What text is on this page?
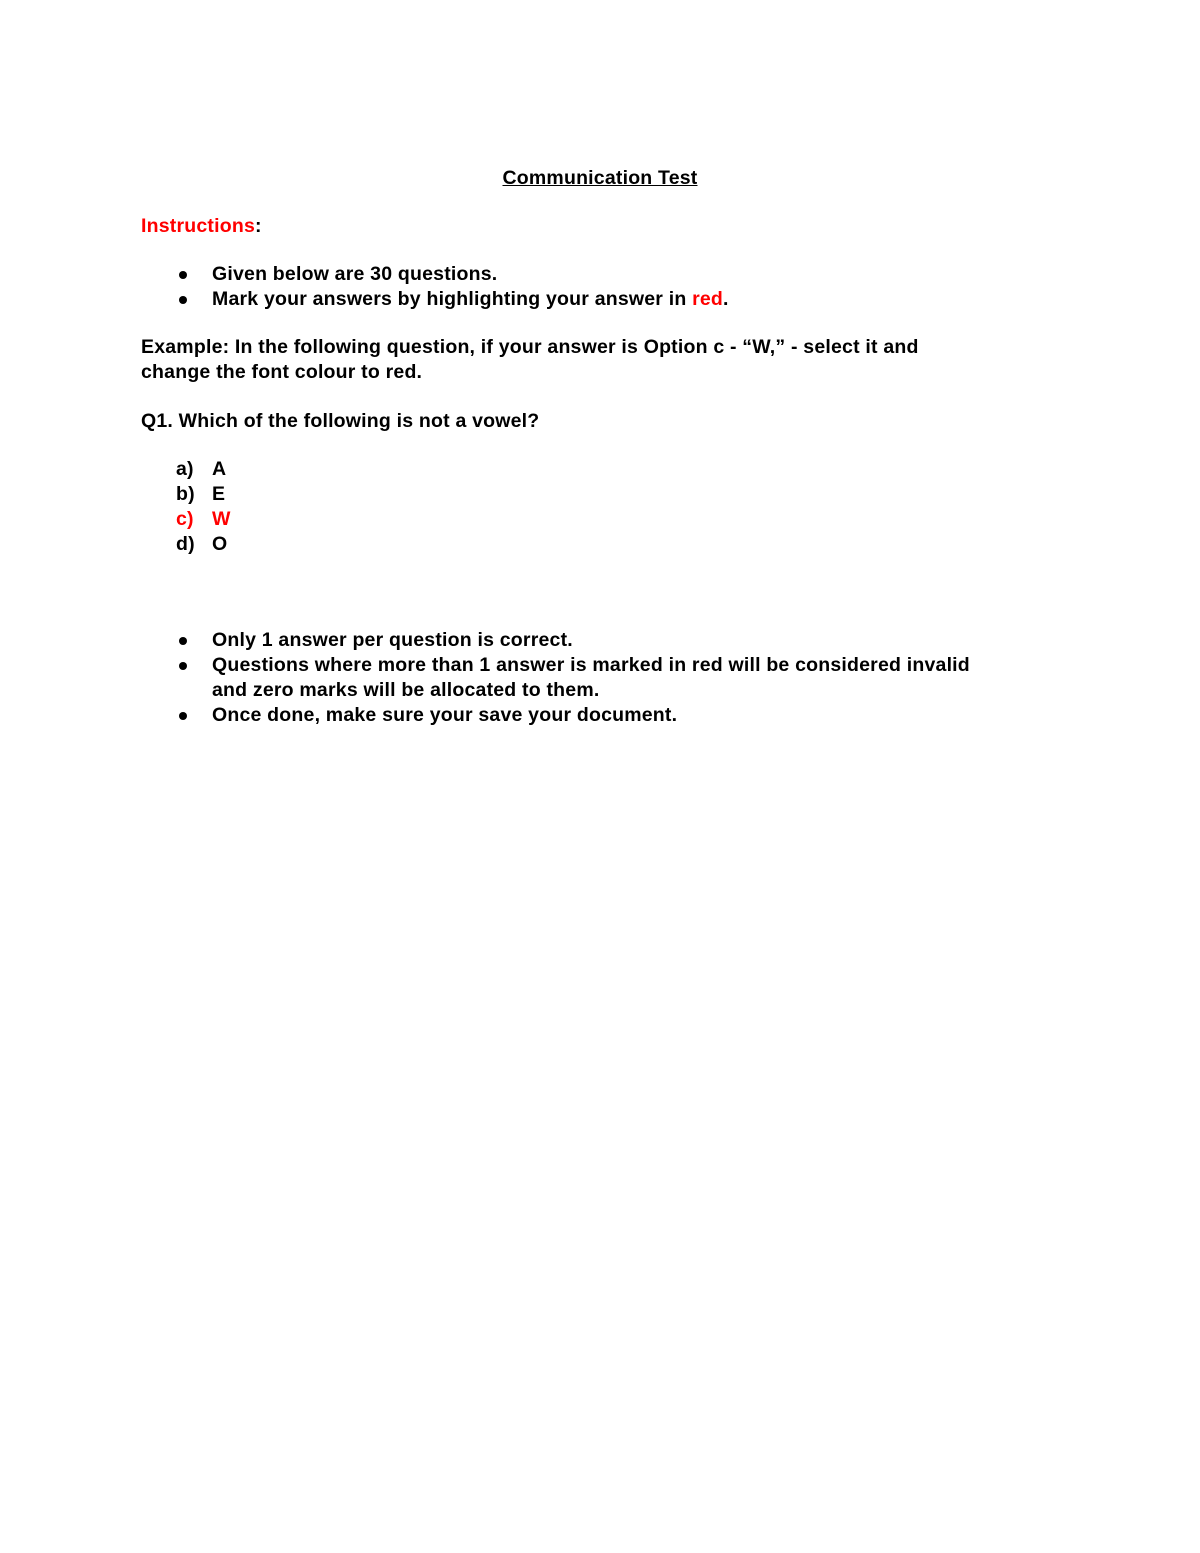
Communication Test
Instructions:
Given below are 30 questions.
Mark your answers by highlighting your answer in red.
Example: In the following question, if your answer is Option c - “W,” - select it and
change the font colour to red.
Q1. Which of the following is not a vowel?
a) A
b) E
c) W
d) O
Only 1 answer per question is correct.
Questions where more than 1 answer is marked in red will be considered invalid
and zero marks will be allocated to them.
Once done, make sure your save your document.
